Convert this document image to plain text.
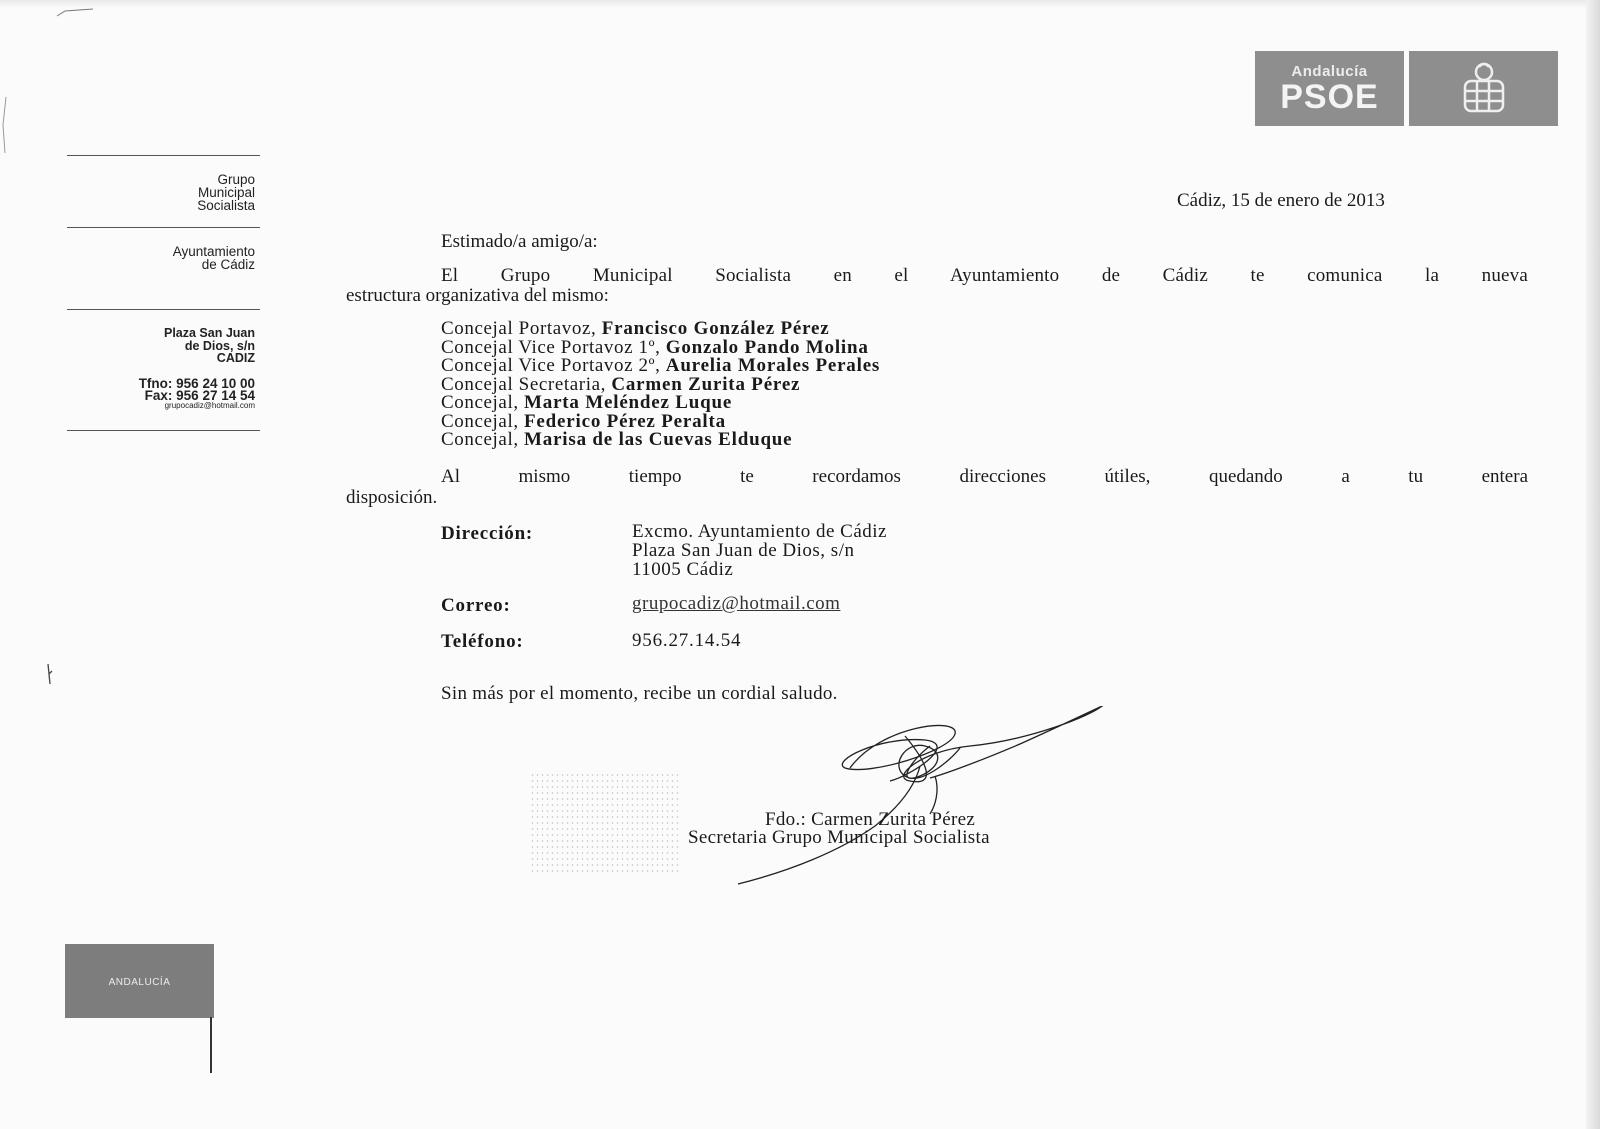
Andalucía
PSOE
Grupo
Municipal
Socialista
Ayuntamiento
de Cádiz
Plaza San Juan
de Dios, s/n
CADIZ
Tfno: 956 24 10 00
Fax: 956 27 14 54
grupocadiz@hotmail.com
ANDALUCÍA
Cádiz, 15 de enero de 2013
Estimado/a amigo/a:
El Grupo Municipal Socialista en el Ayuntamiento de Cádiz te comunica la nueva
estructura organizativa del mismo:
Concejal Portavoz, Francisco González Pérez
Concejal Vice Portavoz 1º, Gonzalo Pando Molina
Concejal Vice Portavoz 2º, Aurelia Morales Perales
Concejal Secretaria, Carmen Zurita Pérez
Concejal, Marta Meléndez Luque
Concejal, Federico Pérez Peralta
Concejal, Marisa de las Cuevas Elduque
Al mismo tiempo te recordamos direcciones útiles, quedando a tu entera
disposición.
Dirección:	Excmo. Ayuntamiento de Cádiz
Plaza San Juan de Dios, s/n
11005 Cádiz
Correo:	grupocadiz@hotmail.com
Teléfono:	956.27.14.54
Sin más por el momento, recibe un cordial saludo.
Fdo.: Carmen Zurita Pérez
Secretaria Grupo Municipal Socialista
